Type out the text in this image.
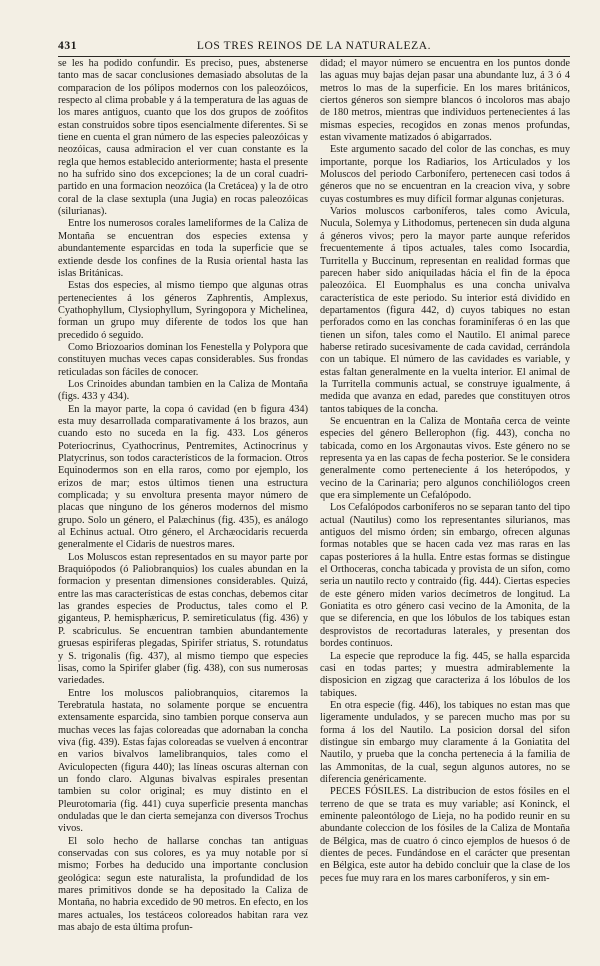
431	LOS TRES REINOS DE LA NATURALEZA.

se les ha podido confundir. Es preciso, pues, abstenerse tanto mas de sacar conclusiones demasiado absolutas de la comparacion de los pólipos modernos con los paleozóicos, respecto al clima probable y á la temperatura de las aguas de los mares antiguos, cuanto que los dos grupos de zoófitos estan construidos sobre tipos esencialmente diferentes. Si se tiene en cuenta el gran número de las especies paleozóicas y neozóicas, causa admiracion el ver cuan constante es la regla que hemos establecido anteriormente; hasta el presente no ha sufrido sino dos excepciones; la de un coral cuadri-partido en una formacion neozóica (la Cretácea) y la de otro coral de la clase sextupla (una Jugia) en rocas paleozóicas (silurianas).

Entre los numerosos corales lameliformes de la Caliza de Montaña se encuentran dos especies extensa y abundantemente esparcidas en toda la superficie que se extiende desde los confines de la Rusia oriental hasta las islas Británicas.

Estas dos especies, al mismo tiempo que algunas otras pertenecientes á los géneros Zaphrentis, Amplexus, Cyathophyllum, Clysiophyllum, Syringopora y Michelinea, forman un grupo muy diferente de todos los que han precedido ó seguido.

Como Briozoarios dominan los Fenestella y Polypora que constituyen muchas veces capas considerables. Sus frondas reticuladas son fáciles de conocer.

Los Crinoides abundan tambien en la Caliza de Montaña (figs. 433 y 434).

En la mayor parte, la copa ó cavidad (en b figura 434) esta muy desarrollada comparativamente á los brazos, aun cuando esto no suceda en la fig. 433. Los géneros Poteriocrinus, Cyathocrinus, Pentremites, Actinocrinus y Platycrinus, son todos característicos de la formacion. Otros Equinodermos son en ella raros, como por ejemplo, los erizos de mar; estos últimos tienen una estructura complicada; y su envoltura presenta mayor número de placas que ninguno de los géneros modernos del mismo grupo. Solo un género, el Palæchinus (fig. 435), es análogo al Echinus actual. Otro género, el Archæocidaris recuerda generalmente el Cidaris de nuestros mares.

Los Moluscos estan representados en su mayor parte por Braquiópodos (ó Paliobranquios) los cuales abundan en la formacion y presentan dimensiones considerables. Quizá, entre las mas características de estas conchas, debemos citar las grandes especies de Productus, tales como el P. giganteus, P. hemisphæricus, P. semireticulatus (fig. 436) y P. scabriculus. Se encuentran tambien abundantemente gruesas espiriferas plegadas, Spirifer striatus, S. rotundatus y S. trigonalis (fig. 437), al mismo tiempo que especies lisas, como la Spirifer glaber (fig. 438), con sus numerosas variedades.

Entre los moluscos paliobranquios, citaremos la Terebratula hastata, no solamente porque se encuentra extensamente esparcida, sino tambien porque conserva aun muchas veces las fajas coloreadas que adornaban la concha viva (fig. 439). Estas fajas coloreadas se vuelven á encontrar en varios bivalvos lamelibranquios, tales como el Aviculopecten (figura 440); las líneas oscuras alternan con un fondo claro. Algunas bivalvas espirales presentan tambien su color original; es muy distinto en el Pleurotomaria (fig. 441) cuya superficie presenta manchas onduladas que le dan cierta semejanza con diversos Trochus vivos.

El solo hecho de hallarse conchas tan antiguas conservadas con sus colores, es ya muy notable por sí mismo; Forbes ha deducido una importante conclusion geológica: segun este naturalista, la profundidad de los mares primitivos donde se ha depositado la Caliza de Montaña, no habria excedido de 90 metros. En efecto, en los mares actuales, los testáceos coloreados habitan rara vez mas abajo de esta última profun-

didad; el mayor número se encuentra en los puntos donde las aguas muy bajas dejan pasar una abundante luz, á 3 ó 4 metros lo mas de la superficie. En los mares británicos, ciertos géneros son siempre blancos ó incoloros mas abajo de 180 metros, mientras que individuos pertenecientes á las mismas especies, recogidos en zonas menos profundas, estan vivamente matizados ó abigarrados.

Este argumento sacado del color de las conchas, es muy importante, porque los Radiarios, los Articulados y los Moluscos del periodo Carbonífero, pertenecen casi todos á géneros que no se encuentran en la creacion viva, y sobre cuyas costumbres es muy difícil formar algunas conjeturas.

Varios moluscos carboníferos, tales como Avicula, Nucula, Solemya y Lithodomus, pertenecen sin duda alguna á géneros vivos; pero la mayor parte aunque referidos frecuentemente á tipos actuales, tales como Isocardia, Turritella y Buccinum, representan en realidad formas que parecen haber sido aniquiladas hácia el fin de la época paleozóica. El Euomphalus es una concha univalva característica de este periodo. Su interior está dividido en departamentos (figura 442, d) cuyos tabiques no estan perforados como en las conchas foraminíferas ó en las que tienen un sifon, tales como el Nautilo. El animal parece haberse retirado sucesivamente de cada cavidad, cerrándola con un tabique. El número de las cavidades es variable, y estas faltan generalmente en la vuelta interior. El animal de la Turritella communis actual, se construye igualmente, á medida que avanza en edad, paredes que constituyen otros tantos tabiques de la concha.

Se encuentran en la Caliza de Montaña cerca de veinte especies del género Bellerophon (fig. 443), concha no tabicada, como en los Argonautas vivos. Este género no se representa ya en las capas de fecha posterior. Se le considera generalmente como perteneciente á los heterópodos, y vecino de la Carinaria; pero algunos conchiliólogos creen que era simplemente un Cefalópodo.

Los Cefalópodos carboníferos no se separan tanto del tipo actual (Nautilus) como los representantes silurianos, mas antiguos del mismo órden; sin embargo, ofrecen algunas formas notables que se hacen cada vez mas raras en las capas posteriores á la hulla. Entre estas formas se distingue el Orthoceras, concha tabicada y provista de un sifon, como seria un nautilo recto y contraido (fig. 444). Ciertas especies de este género miden varios decímetros de longitud. La Goniatita es otro género casi vecino de la Amonita, de la que se diferencia, en que los lóbulos de los tabiques estan desprovistos de recortaduras laterales, y presentan dos bordes continuos.

La especie que reproduce la fig. 445, se halla esparcida casi en todas partes; y muestra admirablemente la disposicion en zigzag que caracteriza á los lóbulos de los tabiques.

En otra especie (fig. 446), los tabiques no estan mas que ligeramente undulados, y se parecen mucho mas por su forma á los del Nautilo. La posicion dorsal del sifon distingue sin embargo muy claramente á la Goniatita del Nautilo, y prueba que la concha pertenecia á la familia de las Ammonitas, de la cual, segun algunos autores, no se diferencia genéricamente.

PECES FÓSILES. La distribucion de estos fósiles en el terreno de que se trata es muy variable; así Koninck, el eminente paleontólogo de Lieja, no ha podido reunir en su abundante coleccion de los fósiles de la Caliza de Montaña de Bélgica, mas de cuatro ó cinco ejemplos de huesos ó de dientes de peces. Fundándose en el carácter que presentan en Bélgica, este autor ha debido concluir que la clase de los peces fue muy rara en los mares carboníferos, y sin em-
